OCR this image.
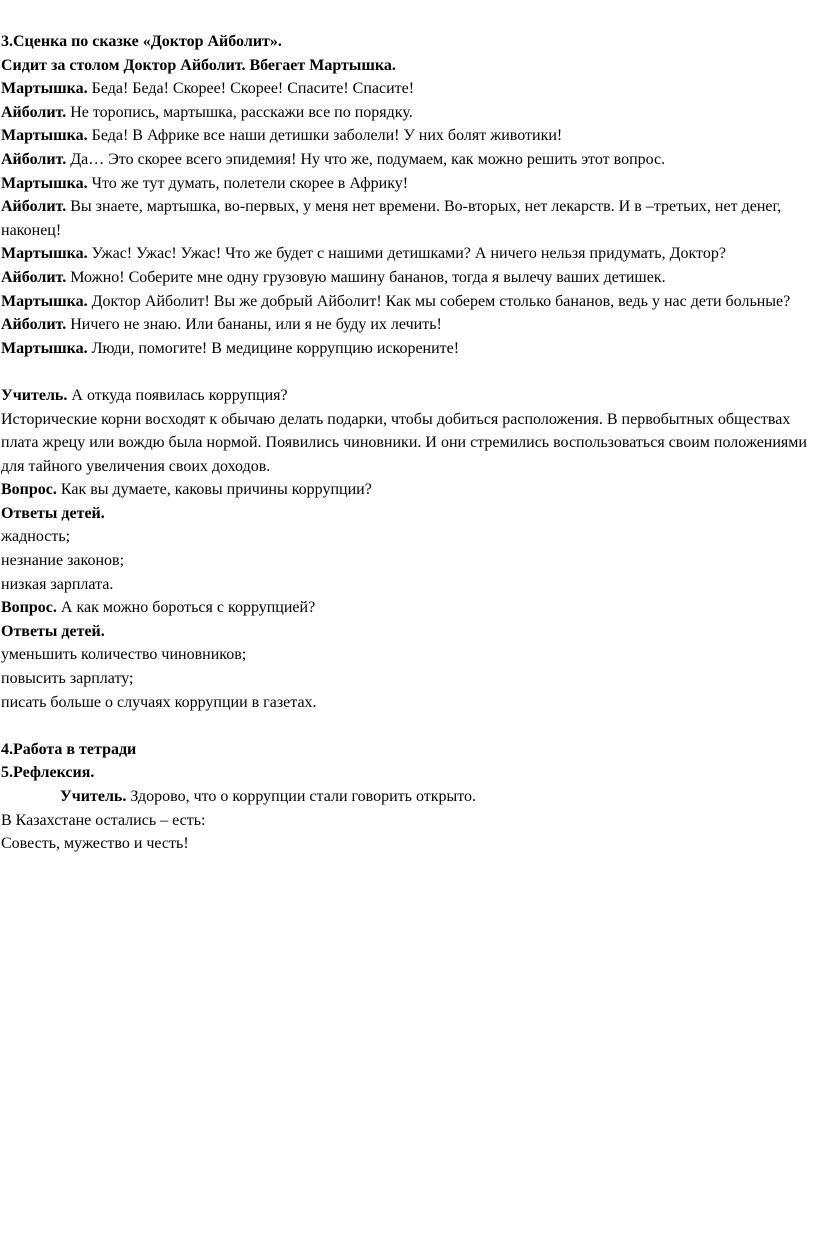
3.Сценка по сказке «Доктор Айболит».

Сидит за столом Доктор Айболит. Вбегает Мартышка.

Мартышка. Беда! Беда! Скорее! Скорее! Спасите! Спасите!

Айболит. Не торопись, мартышка, расскажи все по порядку.

Мартышка. Беда! В Африке все наши детишки заболели! У них болят животики!

Айболит. Да… Это скорее всего эпидемия! Ну что же, подумаем, как можно решить этот вопрос.

Мартышка. Что же тут думать, полетели скорее в Африку!

Айболит. Вы знаете, мартышка, во-первых, у меня нет времени. Во-вторых, нет лекарств. И в –третьих, нет денег, наконец!

Мартышка. Ужас! Ужас! Ужас! Что же будет с нашими детишками? А ничего нельзя придумать, Доктор?

Айболит. Можно! Соберите мне одну грузовую машину бананов, тогда я вылечу ваших детишек.

Мартышка. Доктор Айболит! Вы же добрый Айболит! Как мы соберем столько бананов, ведь у нас дети больные?

Айболит. Ничего не знаю. Или бананы, или я не буду их лечить!

Мартышка. Люди, помогите! В медицине коррупцию искорените!

Учитель. А откуда появилась коррупция?

Исторические корни восходят к обычаю делать подарки, чтобы добиться расположения. В первобытных обществах плата жрецу или вождю была нормой. Появились чиновники. И они стремились воспользоваться своим положениями для тайного увеличения своих доходов.

Вопрос. Как вы думаете, каковы причины коррупции?

Ответы детей.

жадность;

незнание законов;

низкая зарплата.

Вопрос. А как можно бороться с коррупцией?

Ответы детей.

уменьшить количество чиновников;

повысить зарплату;

писать больше о случаях коррупции в газетах.

4.Работа в тетради

5.Рефлексия.

Учитель. Здорово, что о коррупции стали говорить открыто.

В Казахстане остались – есть:

Совесть, мужество и честь!
